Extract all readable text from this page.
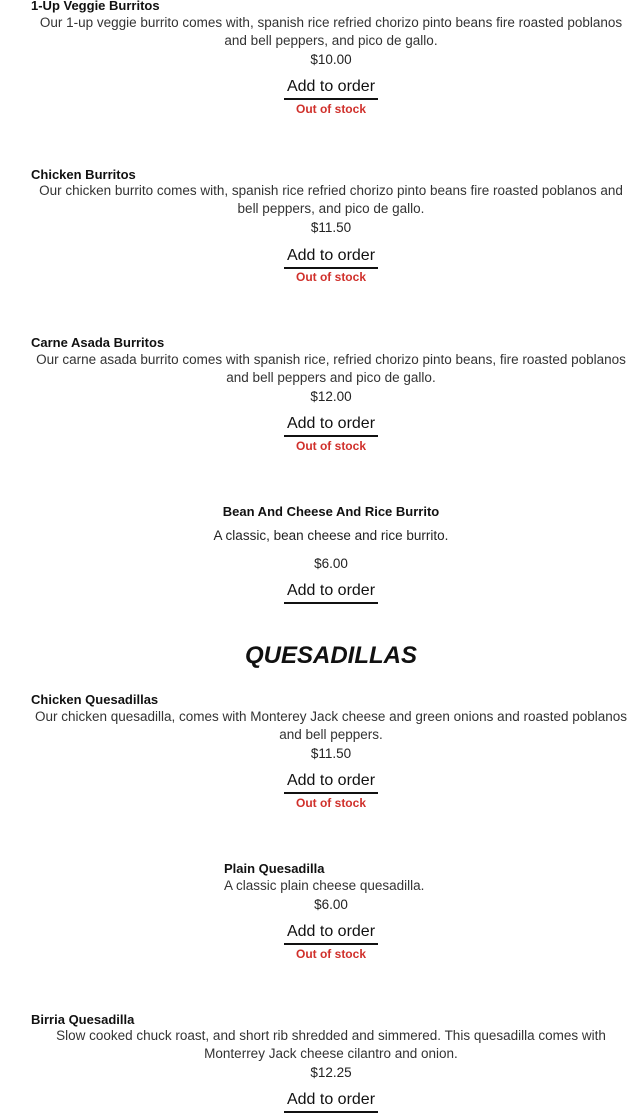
1-Up Veggie Burritos
Our 1-up veggie burrito comes with, spanish rice refried chorizo pinto beans fire roasted poblanos and bell peppers, and pico de gallo.
$10.00
Add to order
Out of stock
Chicken Burritos
Our chicken burrito comes with, spanish rice refried chorizo pinto beans fire roasted poblanos and bell peppers, and pico de gallo.
$11.50
Add to order
Out of stock
Carne Asada Burritos
Our carne asada burrito comes with spanish rice, refried chorizo pinto beans, fire roasted poblanos and bell peppers and pico de gallo.
$12.00
Add to order
Out of stock
Bean And Cheese And Rice Burrito
A classic, bean cheese and rice burrito.
$6.00
Add to order
QUESADILLAS
Chicken Quesadillas
Our chicken quesadilla, comes with Monterey Jack cheese and green onions and roasted poblanos and bell peppers.
$11.50
Add to order
Out of stock
Plain Quesadilla
A classic plain cheese quesadilla.
$6.00
Add to order
Out of stock
Birria Quesadilla
Slow cooked chuck roast, and short rib shredded and simmered. This quesadilla comes with Monterrey Jack cheese cilantro and onion.
$12.25
Add to order
